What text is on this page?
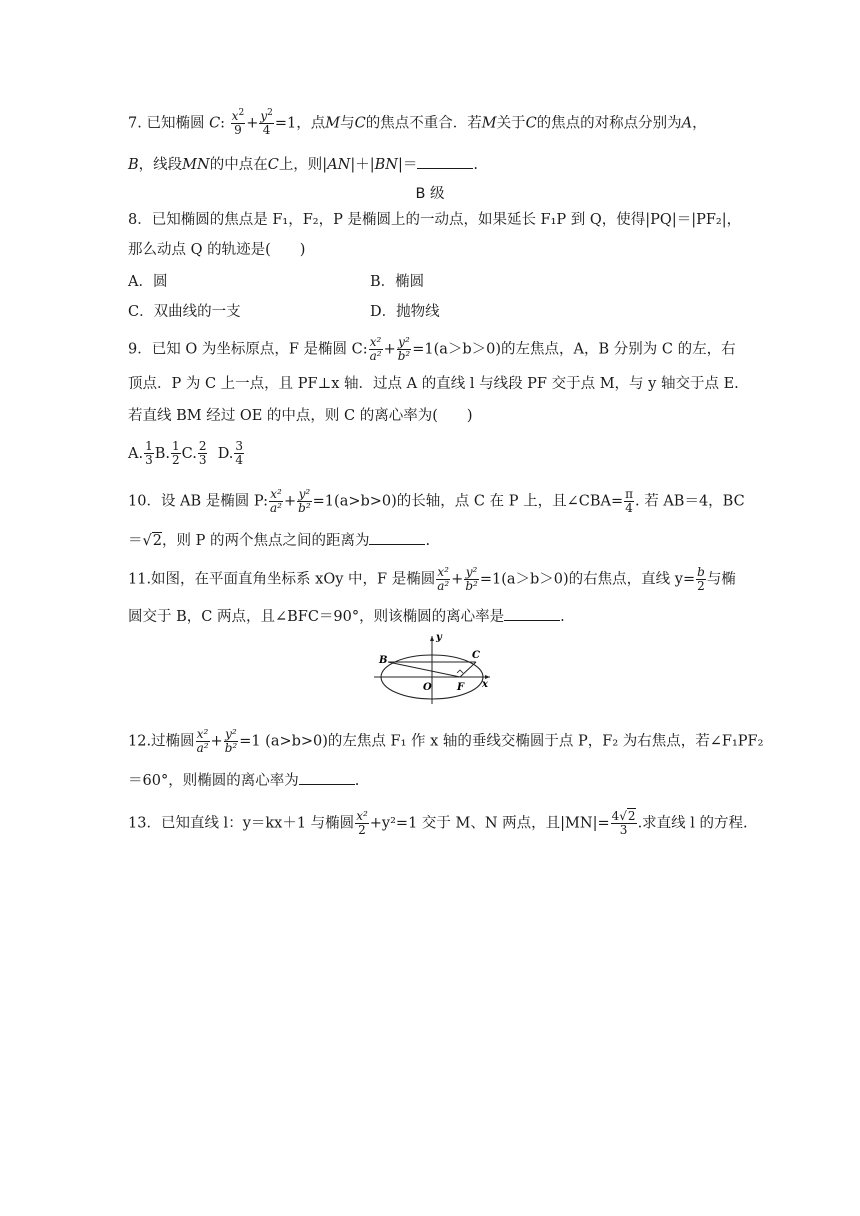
7. 已知椭圆 C: $\frac{x^2}{9} + \frac{y^2}{4} =1$，点M与C的焦点不重合．若M关于C的焦点的对称点分别为A，
B，线段MN的中点在C上，则|AN|＋|BN|＝	.
B 级
8．已知椭圆的焦点是 F₁，F₂，P 是椭圆上的一动点，如果延长 F₁P 到 Q，使得|PQ|＝|PF₂|，
那么动点 Q 的轨迹是(　　)
A．圆	B．椭圆
C．双曲线的一支	D．抛物线
9．已知 O 为坐标原点，F 是椭圆 C: $\frac{\text{x²}}{\text{a²}} + \frac{\text{y²}}{\text{b²}} =1(a>b>0)$的左焦点，A，B 分别为 C 的左，右
顶点．P 为 C 上一点，且 PF⊥x 轴．过点 A 的直线 l 与线段 PF 交于点 M，与 y 轴交于点 E.
若直线 BM 经过 OE 的中点，则 C 的离心率为(　　)
A. $\frac{1}{3} B$. $\frac{1}{2} C$. $\frac{2}{3} D$. $\frac{3}{4}$
10．设 AB 是椭圆 P: $\frac{\text{x²}}{\text{a²}} + \frac{\text{y²}}{\text{b²}} =1(a>b>0)$的长轴，点 C 在 P 上，且∠CBA= $\frac{\pi}{4}$ . 若 AB＝4，BC
＝√2，则 P 的两个焦点之间的距离为	.
11.如图，在平面直角坐标系 xOy 中，F 是椭圆 $\frac{\text{x²}}{\text{a²}} + \frac{\text{y²}}{\text{b²}} =1(a>b>0)$的右焦点，直线 $y= \frac{b}{2}$ 与椭
圆交于 B，C 两点，且∠BFC＝90°，则该椭圆的离心率是	.
B	C
O	F
y
x
12.过椭圆 $\frac{\text{x²}}{\text{a²}} + \frac{\text{y²}}{\text{b²}} =1$ (a>b>0)的左焦点 F₁ 作 x 轴的垂线交椭圆于点 P，F₂ 为右焦点，若∠F₁PF₂
＝60°，则椭圆的离心率为	.
13．已知直线 l：y＝kx＋1 与椭圆 $\frac{\text{x²}}{2} +y^2=1$ 交于 M、N 两点，且$|MN|= \frac{4√2}{3}$ .求直线 l 的方程.
